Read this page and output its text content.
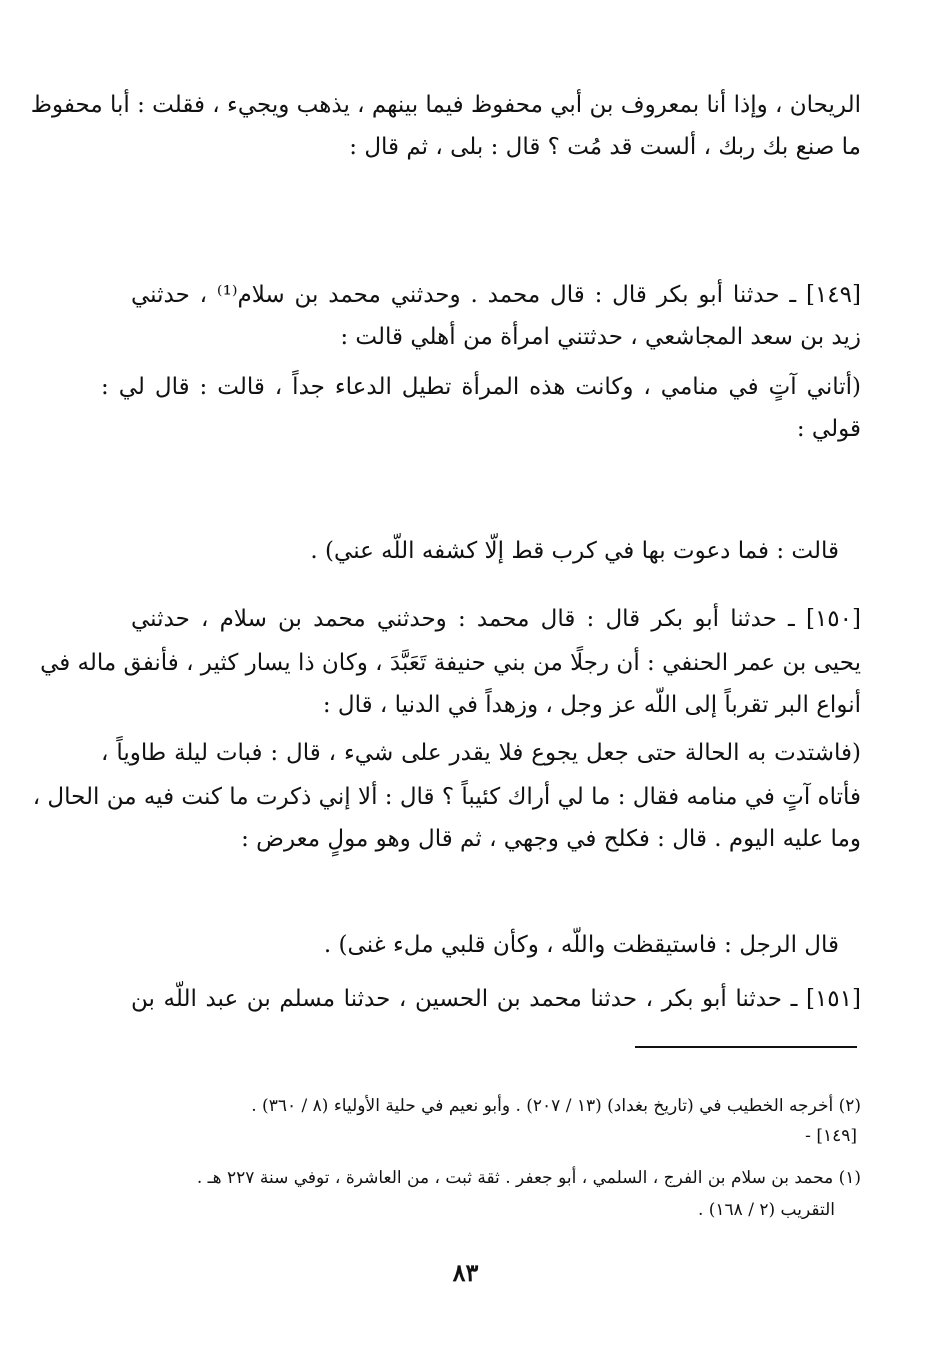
الريحان ، وإذا أنا بمعروف بن أبي محفوظ فيما بينهم ، يذهب ويجيء ، فقلت : أبا محفوظ
ما صنع بك ربك ، ألست قد مُت ؟ قال : بلى ، ثم قال :
[١٤٩] ـ حدثنا أبو بكر قال : قال محمد . وحدثني محمد بن سلام⁽¹⁾ ، حدثني
زيد بن سعد المجاشعي ، حدثتني امرأة من أهلي قالت :
(أتاني آتٍ في منامي ، وكانت هذه المرأة تطيل الدعاء جداً ، قالت : قال لي :
قولي :
قالت : فما دعوت بها في كرب قط إلّا كشفه اللّه عني) .
[١٥٠] ـ حدثنا أبو بكر قال : قال محمد : وحدثني محمد بن سلام ، حدثني
يحيى بن عمر الحنفي : أن رجلًا من بني حنيفة تَعَبَّدَ ، وكان ذا يسار كثير ، فأنفق ماله في
أنواع البر تقرباً إلى اللّه عز وجل ، وزهداً في الدنيا ، قال :
(فاشتدت به الحالة حتى جعل يجوع فلا يقدر على شيء ، قال : فبات ليلة طاوياً ،
فأتاه آتٍ في منامه فقال : ما لي أراك كئيباً ؟ قال : ألا إني ذكرت ما كنت فيه من الحال ،
وما عليه اليوم . قال : فكلح في وجهي ، ثم قال وهو مولٍ معرض :
قال الرجل : فاستيقظت واللّه ، وكأن قلبي ملء غنى) .
[١٥١] ـ حدثنا أبو بكر ، حدثنا محمد بن الحسين ، حدثنا مسلم بن عبد اللّه بن
(٢) أخرجه الخطيب في (تاريخ بغداد) (١٣ / ٢٠٧) . وأبو نعيم في حلية الأولياء (٨ / ٣٦٠) .
[١٤٩] -
(١) محمد بن سلام بن الفرج ، السلمي ، أبو جعفر . ثقة ثبت ، من العاشرة ، توفي سنة ٢٢٧ هـ .
التقريب (٢ / ١٦٨) .
٨٣
